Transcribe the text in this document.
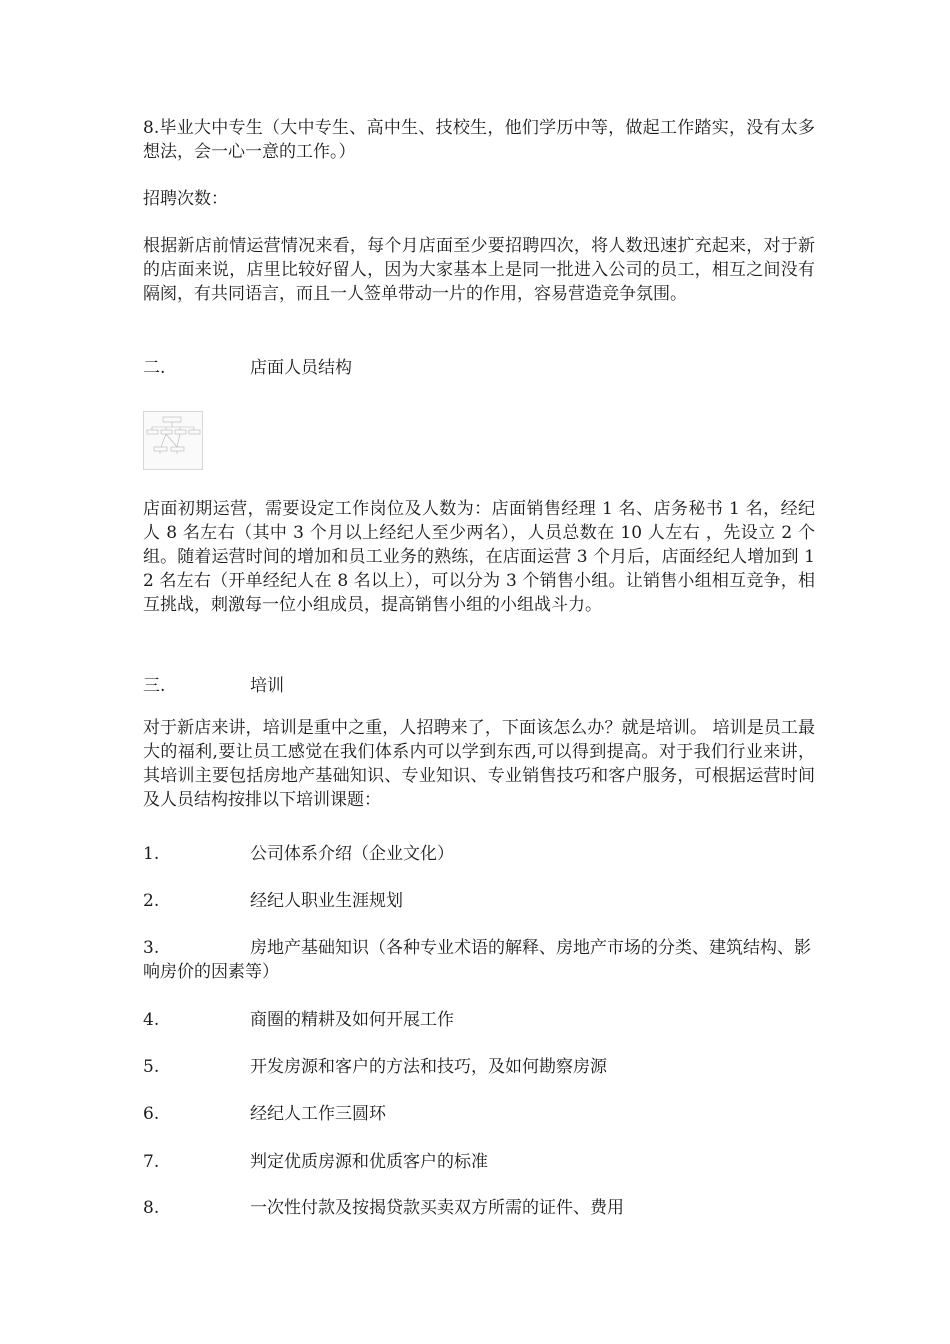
8.毕业大中专生（大中专生、高中生、技校生，他们学历中等，做起工作踏实，没有太多想法，会一心一意的工作。）

招聘次数：

根据新店前情运营情况来看，每个月店面至少要招聘四次，将人数迅速扩充起来，对于新的店面来说，店里比较好留人，因为大家基本上是同一批进入公司的员工，相互之间没有隔阂，有共同语言，而且一人签单带动一片的作用，容易营造竞争氛围。

二.	店面人员结构

店面初期运营，需要设定工作岗位及人数为：店面销售经理 1 名、店务秘书 1 名，经纪人 8 名左右（其中 3 个月以上经纪人至少两名），人员总数在 10 人左右 ，先设立 2 个组。随着运营时间的增加和员工业务的熟练，在店面运营 3 个月后，店面经纪人增加到 12 名左右（开单经纪人在 8 名以上），可以分为 3 个销售小组。让销售小组相互竞争，相互挑战，刺激每一位小组成员，提高销售小组的小组战斗力。

三.	培训

对于新店来讲，培训是重中之重，人招聘来了，下面该怎么办？就是培训。 培训是员工最大的福利,要让员工感觉在我们体系内可以学到东西,可以得到提高。对于我们行业来讲，其培训主要包括房地产基础知识、专业知识、专业销售技巧和客户服务，可根据运营时间及人员结构按排以下培训课题：

1.	公司体系介绍（企业文化）
2.	经纪人职业生涯规划
3.	房地产基础知识（各种专业术语的解释、房地产市场的分类、建筑结构、影响房价的因素等）
4.	商圈的精耕及如何开展工作
5.	开发房源和客户的方法和技巧，及如何勘察房源
6.	经纪人工作三圆环
7.	判定优质房源和优质客户的标准
8.	一次性付款及按揭贷款买卖双方所需的证件、费用
